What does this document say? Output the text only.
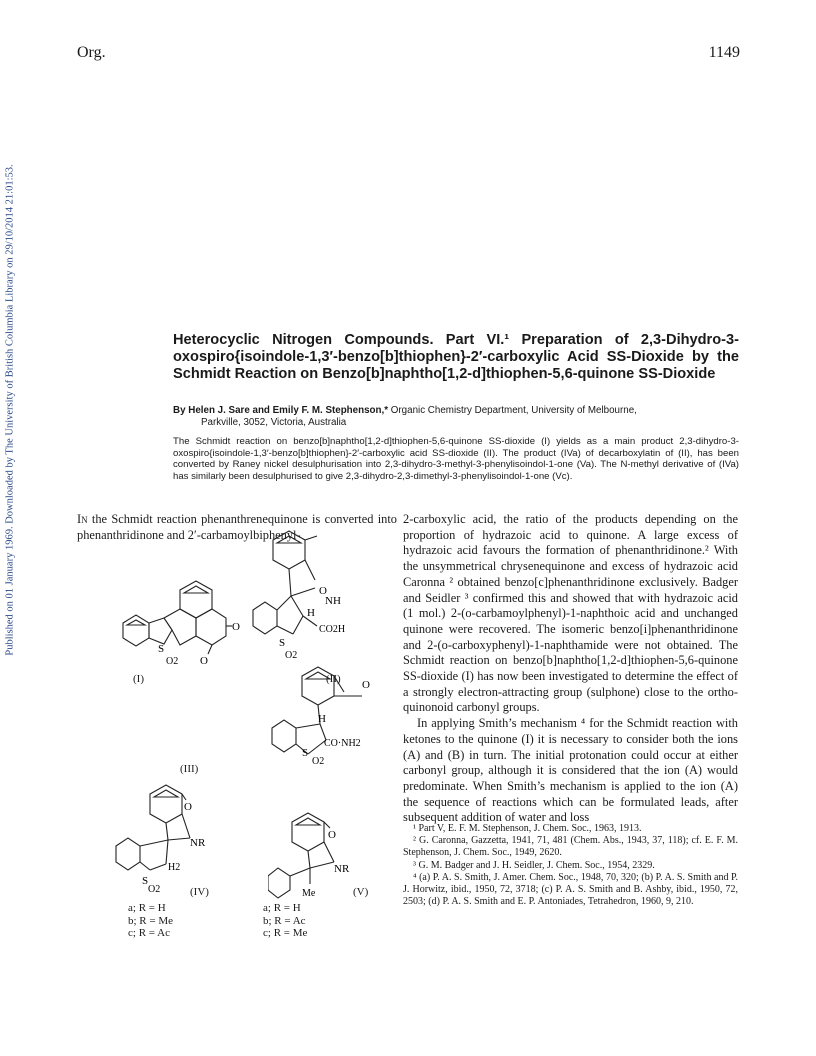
Org.	1149
Published on 01 January 1969. Downloaded by The University of British Columbia Library on 29/10/2014 21:01:53.	Heterocyclic Nitrogen Compounds. Part VI.¹ Preparation of 2,3-Dihydro-3-oxospiro{isoindole-1,3′-benzo[b]thiophen}-2′-carboxylic Acid SS-Dioxide by the Schmidt Reaction on Benzo[b]naphtho[1,2-d]thiophen-5,6-quinone SS-Dioxide
By Helen J. Sare and Emily F. M. Stephenson,* Organic Chemistry Department, University of Melbourne,
Parkville, 3052, Victoria, Australia
The Schmidt reaction on benzo[b]naphtho[1,2-d]thiophen-5,6-quinone SS-dioxide (I) yields as a main product 2,3-dihydro-3-oxospiro{isoindole-1,3′-benzo[b]thiophen}-2′-carboxylic acid SS-dioxide (II). The product (IVa) of decarboxylatin of (II), has been converted by Raney nickel desulphurisation into 2,3-dihydro-3-methyl-3-phenylisoindol-1-one (Va). The N-methyl derivative of (IVa) has similarly been desulphurised to give 2,3-dihydro-2,3-dimethyl-3-phenylisoindol-1-one (Vc).
In the Schmidt reaction phenanthrenequinone is converted into phenanthridinone and 2′-carbamoylbiphenyl-
S
O2
O
O
(I)
O
NH
H
S
O2
CO2H
(II) O
H
S
O2
CO·NH2
(III)
O
NR
S
H2
O2	(IV)
a; R = H
b; R = Me
c; R = Ac
O
NR
Me	(V)
a; R = H
b; R = Ac
c; R = Me

2-carboxylic acid, the ratio of the products depending on the proportion of hydrazoic acid to quinone. A large excess of hydrazoic acid favours the formation of phenanthridinone.² With the unsymmetrical chrysenequinone and excess of hydrazoic acid Caronna ² obtained benzo[c]phenanthridinone exclusively. Badger and Seidler ³ confirmed this and showed that with hydrazoic acid (1 mol.) 2-(o-carbamoylphenyl)-1-naphthoic acid and unchanged quinone were recovered. The isomeric benzo[i]phenanthridinone and 2-(o-carboxyphenyl)-1-naphthamide were not obtained. The Schmidt reaction on benzo[b]naphtho[1,2-d]thiophen-5,6-quinone SS-dioxide (I) has now been investigated to determine the effect of a strongly electron-attracting group (sulphone) close to the ortho-quinonoid carbonyl groups.

In applying Smith’s mechanism ⁴ for the Schmidt reaction with ketones to the quinone (I) it is necessary to consider both the ions (A) and (B) in turn. The initial protonation could occur at either carbonyl group, although it is considered that the ion (A) would predominate. When Smith’s mechanism is applied to the ion (A) the sequence of reactions which can be formulated leads, after subsequent addition of water and loss

¹ Part V, E. F. M. Stephenson, J. Chem. Soc., 1963, 1913.

² G. Caronna, Gazzetta, 1941, 71, 481 (Chem. Abs., 1943, 37, 118); cf. E. F. M. Stephenson, J. Chem. Soc., 1949, 2620.

³ G. M. Badger and J. H. Seidler, J. Chem. Soc., 1954, 2329.

⁴ (a) P. A. S. Smith, J. Amer. Chem. Soc., 1948, 70, 320; (b) P. A. S. Smith and P. J. Horwitz, ibid., 1950, 72, 3718; (c) P. A. S. Smith and B. Ashby, ibid., 1950, 72, 2503; (d) P. A. S. Smith and E. P. Antoniades, Tetrahedron, 1960, 9, 210.
